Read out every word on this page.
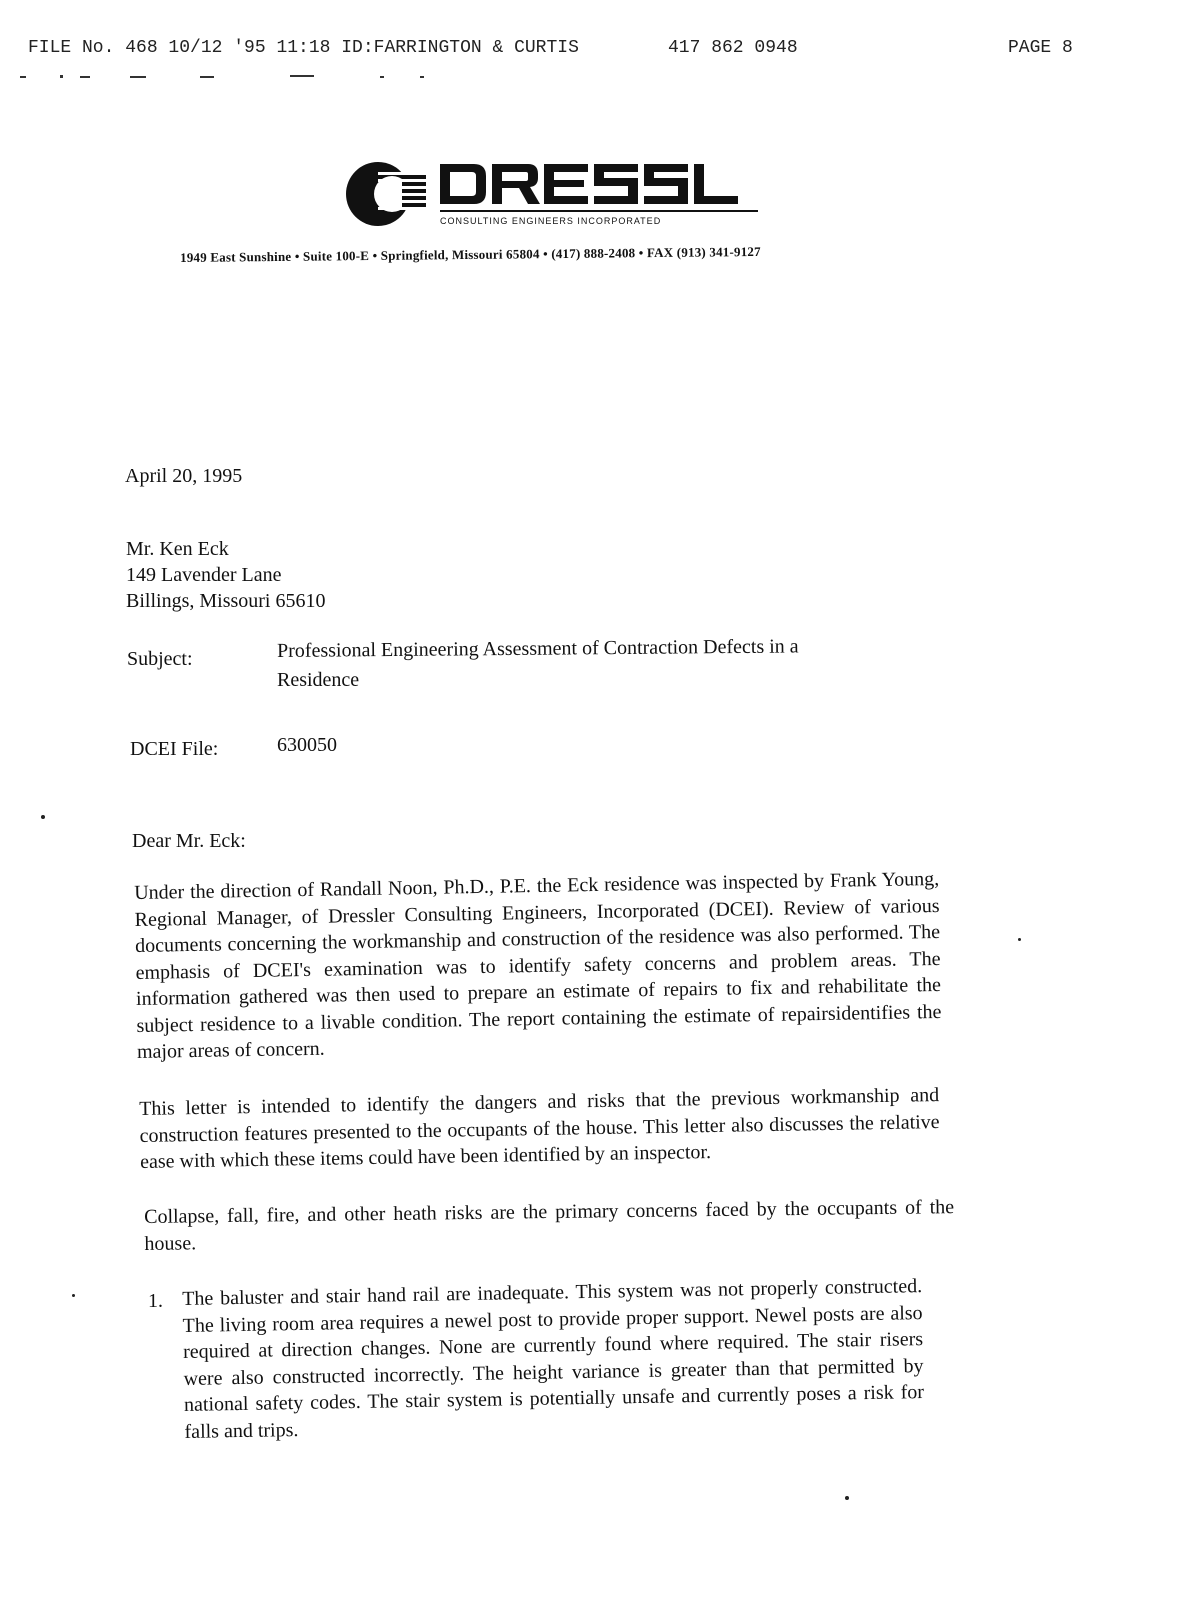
FILE No. 468 10/12 '95 11:18 ID:FARRINGTON & CURTIS	417 862 0948	PAGE 8
CONSULTING ENGINEERS INCORPORATED
1949 East Sunshine • Suite 100-E • Springfield, Missouri 65804 • (417) 888-2408 • FAX (913) 341-9127
April 20, 1995
Mr. Ken Eck
149 Lavender Lane
Billings, Missouri 65610
Subject:	Professional Engineering Assessment of Contraction Defects in a
Residence
DCEI File:	630050
Dear Mr. Eck:
Under the direction of Randall Noon, Ph.D., P.E. the Eck residence was inspected by Frank Young, Regional Manager, of Dressler Consulting Engineers, Incorporated (DCEI). Review of various documents concerning the workmanship and construction of the residence was also performed. The emphasis of DCEI's examination was to identify safety concerns and problem areas. The information gathered was then used to prepare an estimate of repairs to fix and rehabilitate the subject residence to a livable condition. The report containing the estimate of repairsidentifies the major areas of concern.
This letter is intended to identify the dangers and risks that the previous workmanship and construction features presented to the occupants of the house. This letter also discusses the relative ease with which these items could have been identified by an inspector.
Collapse, fall, fire, and other heath risks are the primary concerns faced by the occupants of the house.
1. The baluster and stair hand rail are inadequate. This system was not properly constructed. The living room area requires a newel post to provide proper support. Newel posts are also required at direction changes. None are currently found where required. The stair risers were also constructed incorrectly. The height variance is greater than that permitted by national safety codes. The stair system is potentially unsafe and currently poses a risk for falls and trips.
